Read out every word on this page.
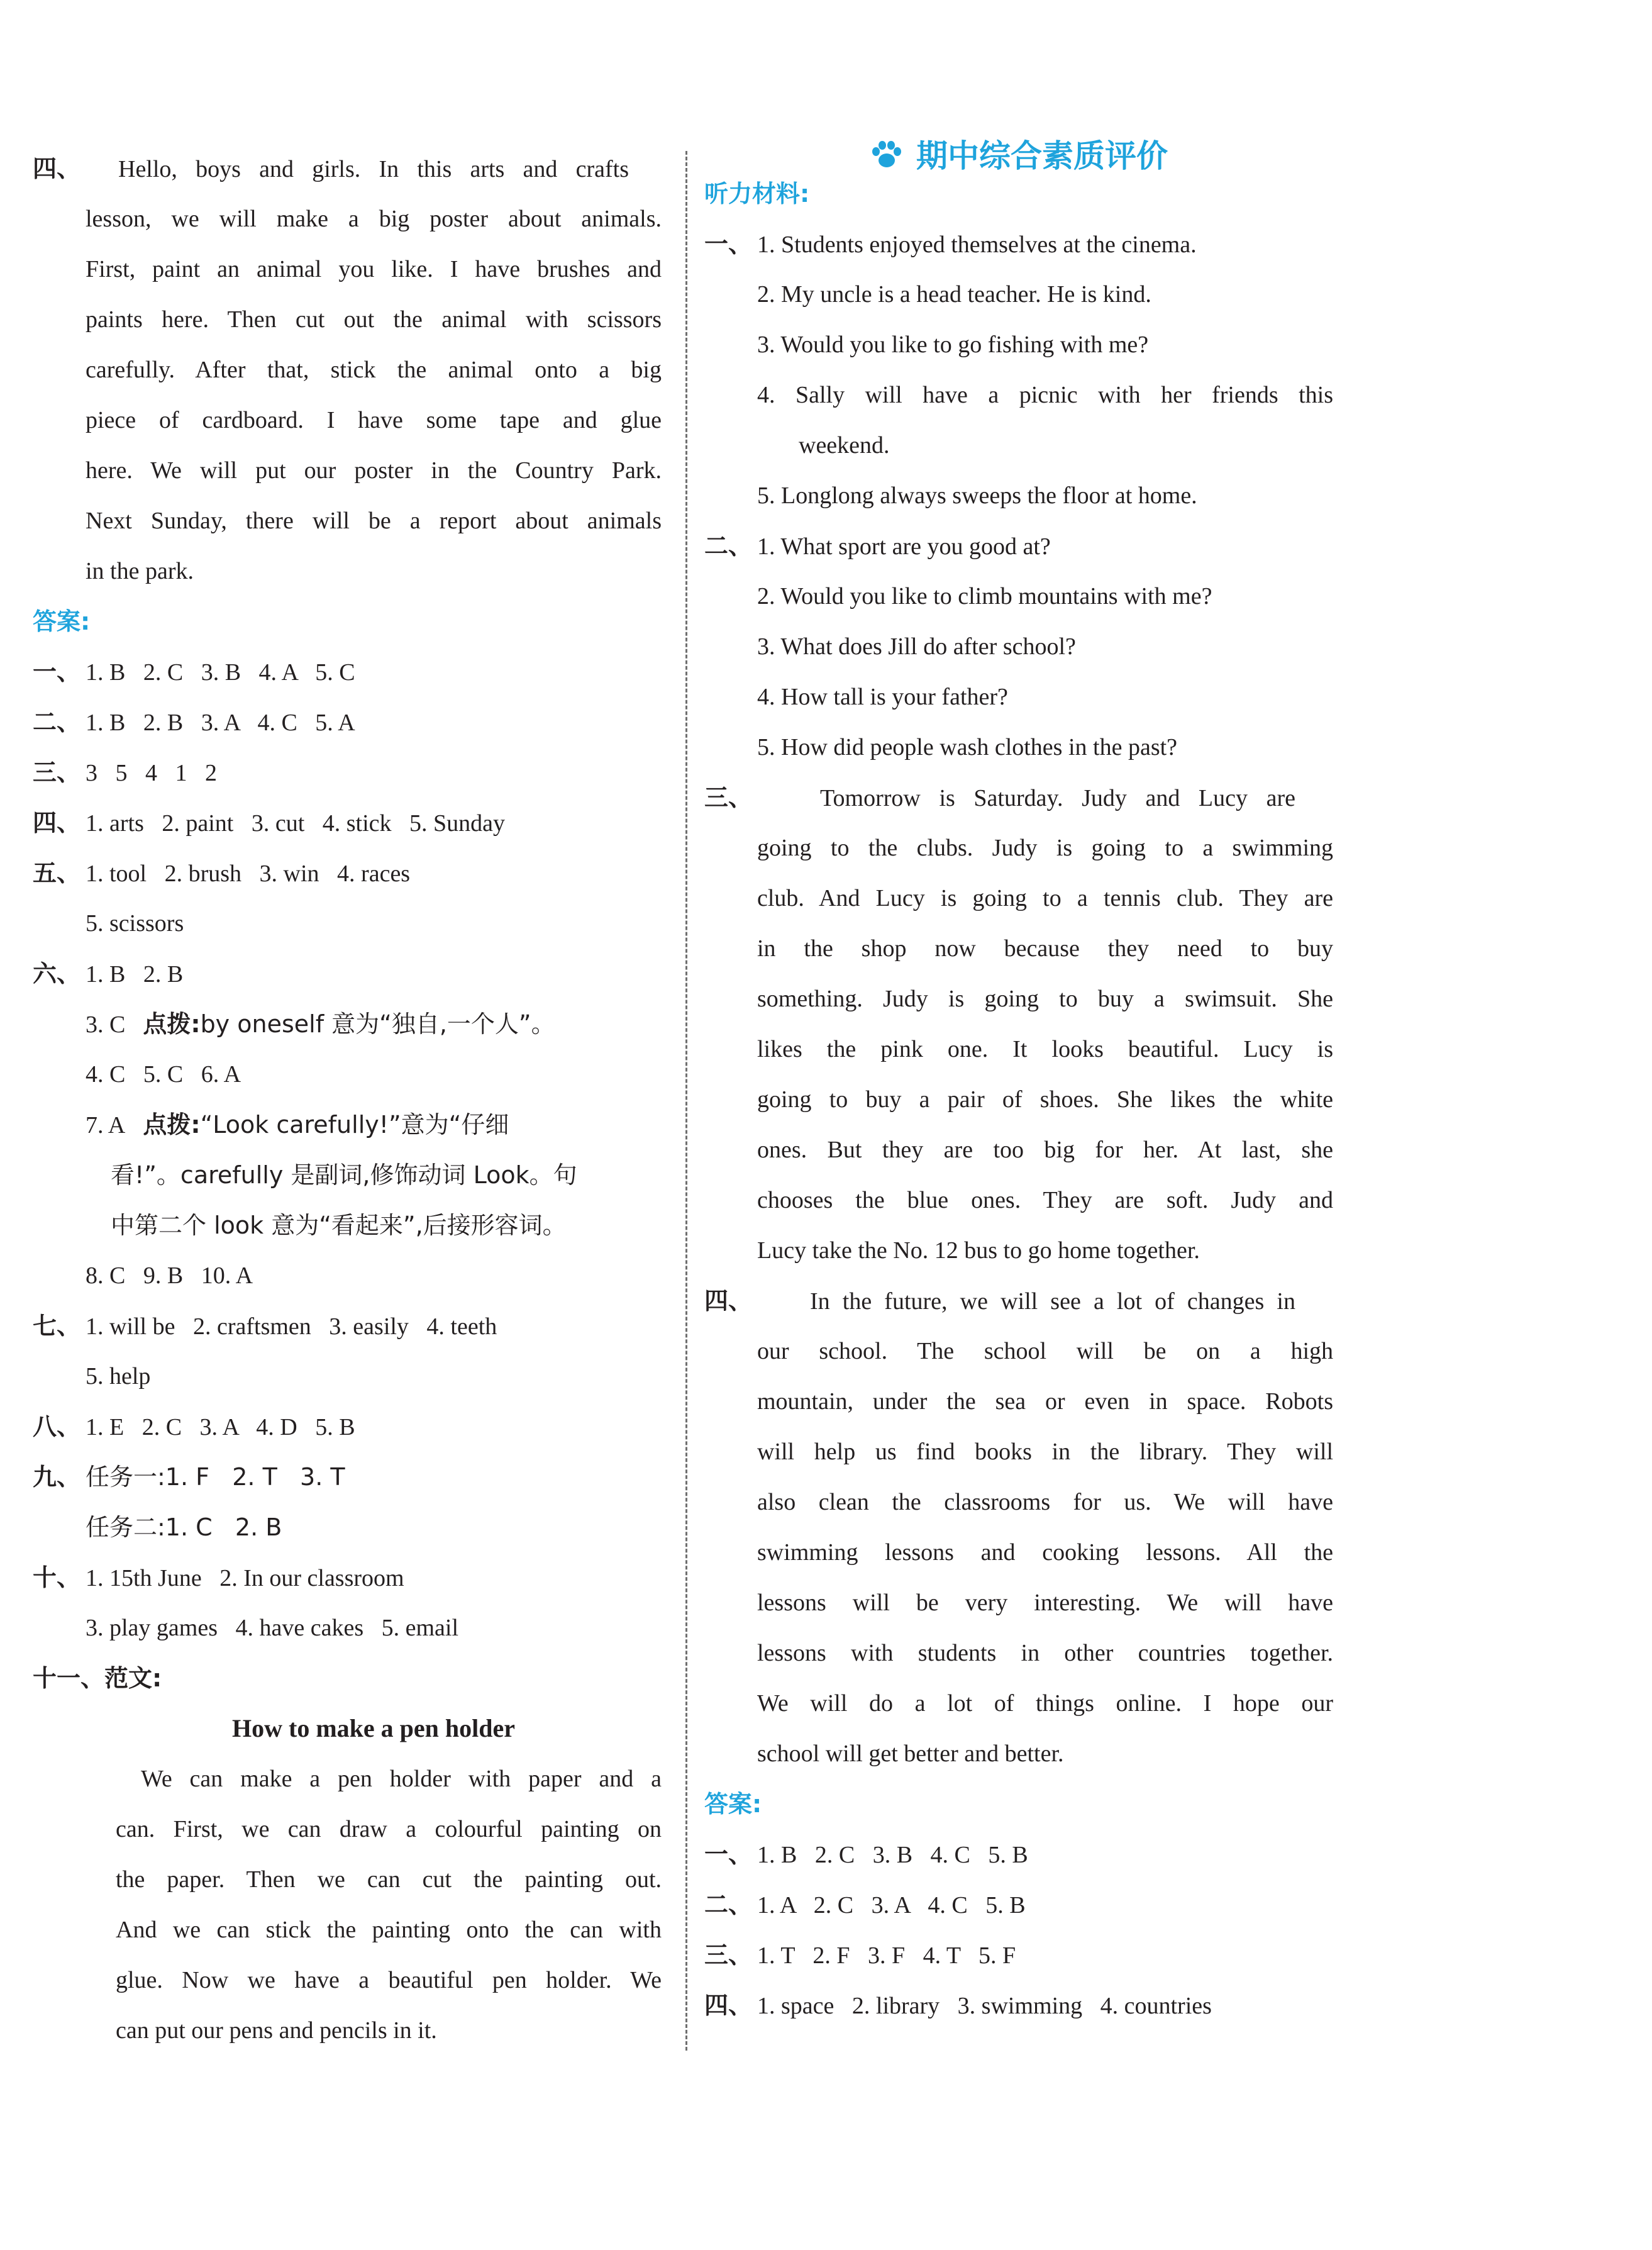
四、 Hello, boys and girls. In this arts and crafts
lesson, we will make a big poster about animals.
First, paint an animal you like. I have brushes and
paints here. Then cut out the animal with scissors
carefully. After that, stick the animal onto a big
piece of cardboard. I have some tape and glue
here. We will put our poster in the Country Park.
Next Sunday, there will be a report about animals
in the park.
答案:
一、 1. B   2. C   3. B   4. A   5. C
二、 1. B   2. B   3. A   4. C   5. A
三、 3   5   4   1   2
四、 1. arts   2. paint   3. cut   4. stick   5. Sunday
五、 1. tool   2. brush   3. win   4. races
5. scissors
六、 1. B   2. B
3. C 点拨:by oneself 意为“独自,一个人”。
4. C   5. C   6. A
7. A 点拨:“Look carefully!”意为“仔细
看!”。carefully 是副词,修饰动词 Look。句
中第二个 look 意为“看起来”,后接形容词。
8. C   9. B   10. A
七、 1. will be   2. craftsmen   3. easily   4. teeth
5. help
八、 1. E   2. C   3. A   4. D   5. B
九、 任务一:1. F   2. T   3. T
任务二:1. C   2. B
十、 1. 15th June   2. In our classroom
3. play games   4. have cakes   5. email
十一、范文:
How to make a pen holder
We can make a pen holder with paper and a
can. First, we can draw a colourful painting on
the paper. Then we can cut the painting out.
And we can stick the painting onto the can with
glue. Now we have a beautiful pen holder. We
can put our pens and pencils in it.
期中综合素质评价
听力材料:
一、 1. Students enjoyed themselves at the cinema.
2. My uncle is a head teacher. He is kind.
3. Would you like to go fishing with me?
4. Sally will have a picnic with her friends this
weekend.
5. Longlong always sweeps the floor at home.
二、 1. What sport are you good at?
2. Would you like to climb mountains with me?
3. What does Jill do after school?
4. How tall is your father?
5. How did people wash clothes in the past?
三、	Tomorrow is Saturday. Judy and Lucy are
going to the clubs. Judy is going to a swimming
club. And Lucy is going to a tennis club. They are
in the shop now because they need to buy
something. Judy is going to buy a swimsuit. She
likes the pink one. It looks beautiful. Lucy is
going to buy a pair of shoes. She likes the white
ones. But they are too big for her. At last, she
chooses the blue ones. They are soft. Judy and
Lucy take the No. 12 bus to go home together.
四、 In the future, we will see a lot of changes in
our school. The school will be on a high
mountain, under the sea or even in space. Robots
will help us find books in the library. They will
also clean the classrooms for us. We will have
swimming lessons and cooking lessons. All the
lessons will be very interesting. We will have
lessons with students in other countries together.
We will do a lot of things online. I hope our
school will get better and better.
答案:
一、 1. B   2. C   3. B   4. C   5. B
二、 1. A   2. C   3. A   4. C   5. B
三、 1. T   2. F   3. F   4. T   5. F
四、 1. space   2. library   3. swimming   4. countries
